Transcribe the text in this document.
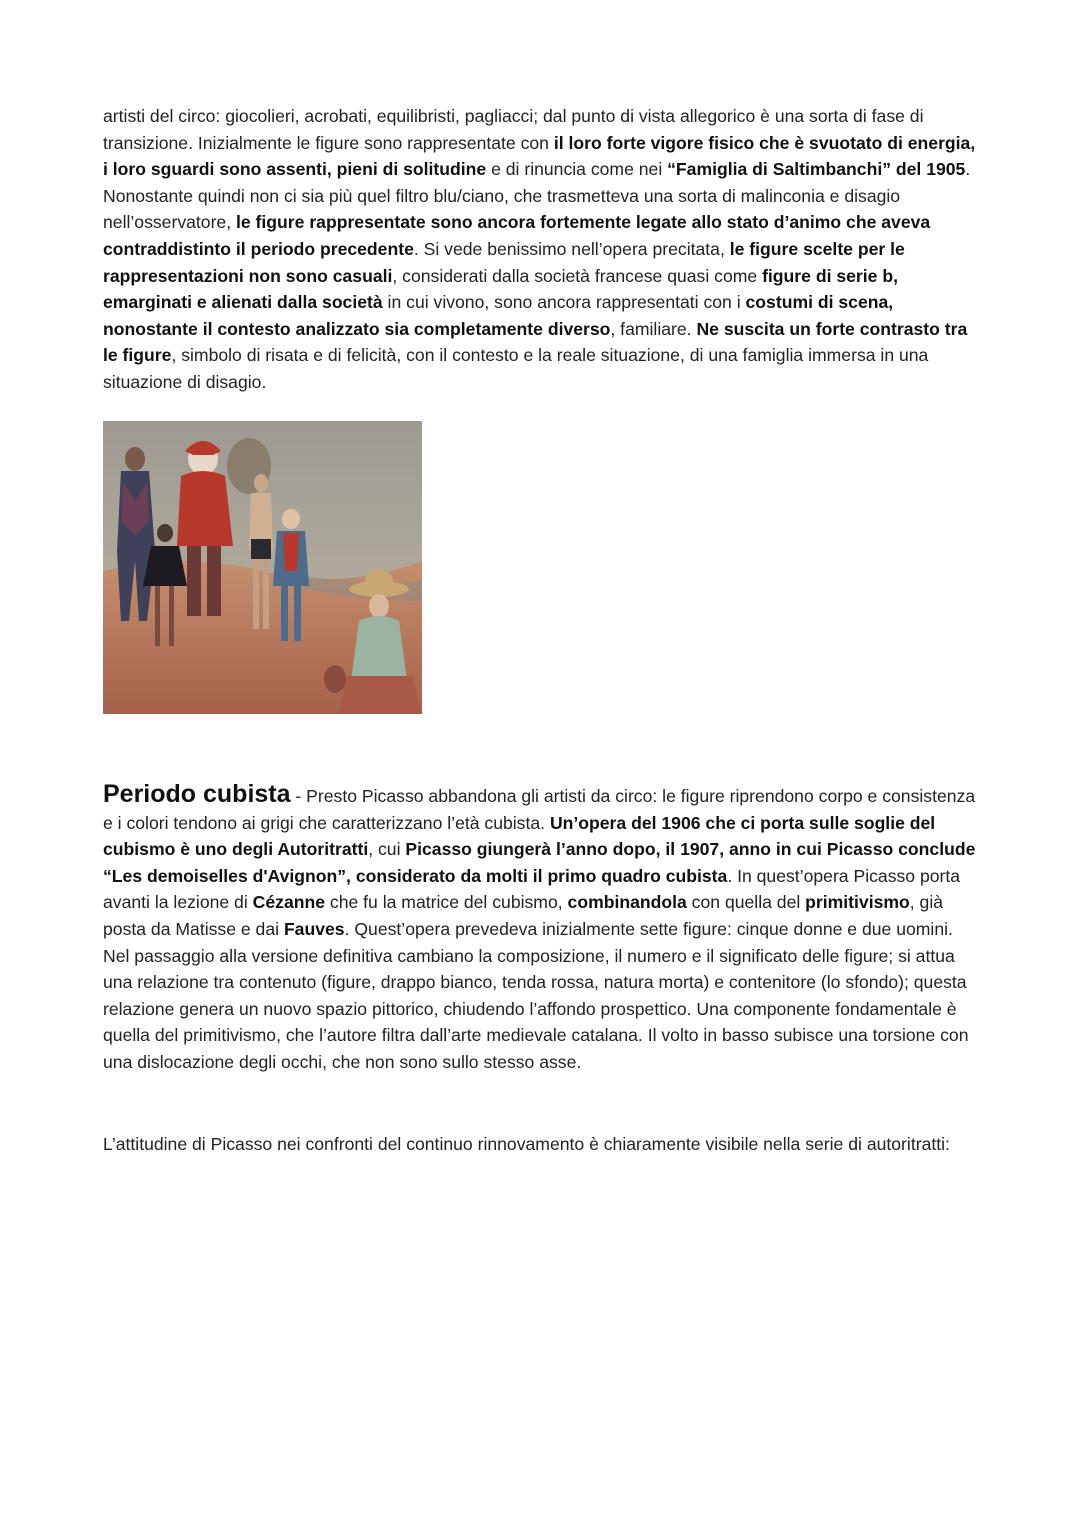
artisti del circo: giocolieri, acrobati, equilibristi, pagliacci; dal punto di vista allegorico è una sorta di fase di transizione. Inizialmente le figure sono rappresentate con il loro forte vigore fisico che è svuotato di energia, i loro sguardi sono assenti, pieni di solitudine e di rinuncia come nei “Famiglia di Saltimbanchi” del 1905. Nonostante quindi non ci sia più quel filtro blu/ciano, che trasmetteva una sorta di malinconia e disagio nell’osservatore, le figure rappresentate sono ancora fortemente legate allo stato d’animo che aveva contraddistinto il periodo precedente. Si vede benissimo nell’opera precitata, le figure scelte per le rappresentazioni non sono casuali, considerati dalla società francese quasi come figure di serie b, emarginati e alienati dalla società in cui vivono, sono ancora rappresentati con i costumi di scena, nonostante il contesto analizzato sia completamente diverso, familiare. Ne suscita un forte contrasto tra le figure, simbolo di risata e di felicità, con il contesto e la reale situazione, di una famiglia immersa in una situazione di disagio.

Periodo cubista - Presto Picasso abbandona gli artisti da circo: le figure riprendono corpo e consistenza e i colori tendono ai grigi che caratterizzano l’età cubista. Un’opera del 1906 che ci porta sulle soglie del cubismo è uno degli Autoritratti, cui Picasso giungerà l’anno dopo, il 1907, anno in cui Picasso conclude “Les demoiselles d'Avignon”, considerato da molti il primo quadro cubista. In quest’opera Picasso porta avanti la lezione di Cézanne che fu la matrice del cubismo, combinandola con quella del primitivismo, già posta da Matisse e dai Fauves. Quest’opera prevedeva inizialmente sette figure: cinque donne e due uomini. Nel passaggio alla versione definitiva cambiano la composizione, il numero e il significato delle figure; si attua una relazione tra contenuto (figure, drappo bianco, tenda rossa, natura morta) e contenitore (lo sfondo); questa relazione genera un nuovo spazio pittorico, chiudendo l’affondo prospettico. Una componente fondamentale è quella del primitivismo, che l’autore filtra dall’arte medievale catalana. Il volto in basso subisce una torsione con una dislocazione degli occhi, che non sono sullo stesso asse.

L’attitudine di Picasso nei confronti del continuo rinnovamento è chiaramente visibile nella serie di autoritratti:
